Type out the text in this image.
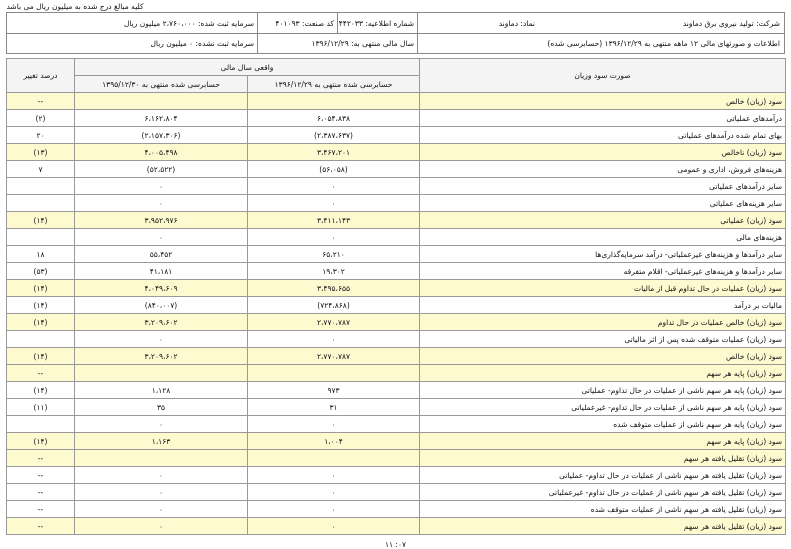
کلیه مبالغ درج شده به میلیون ریال می باشد
شرکت: تولید نیروی برق دماوند
نماد: دماوند
شماره اطلاعیه: ۴۴۲۰۳۳
کد صنعت: ۴۰۱۰۹۳
سرمایه ثبت شده: ۲،۷۶۰،۰۰۰ میلیون ریال
اطلاعات و صورتهای مالی ۱۲ ماهه منتهی به ۱۳۹۶/۱۲/۲۹ (حسابرسی شده)
سال مالی منتهی به: ۱۳۹۶/۱۲/۲۹
سرمایه ثبت نشده: ۰ میلیون ریال
صورت سود وزیان	واقعی سال مالی		درصد تغییر
	حسابرسی شده منتهی به ۱۳۹۶/۱۲/۲۹	حسابرسی شده منتهی به ۱۳۹۵/۱۲/۳۰	
سود (زیان) خالص			--
درآمدهای عملیاتی	۶،۰۵۴،۸۳۸	۶،۱۶۲،۸۰۴	(۲)
بهای تمام شده درآمدهای عملیاتی	(۲،۳۸۷،۶۳۷)	(۲،۱۵۷،۳۰۶)	۲۰
سود (زیان) ناخالص	۳،۴۶۷،۲۰۱	۴،۰۰۵،۴۹۸	(۱۳)
هزینه‌های فروش، اداری و عمومی	(۵۶،۰۵۸)	(۵۲،۵۲۲)	۷
سایر درآمدهای عملیاتی	۰	۰	
سایر هزینه‌های عملیاتی	۰	۰	
سود (زیان) عملیاتی	۳،۴۱۱،۱۴۳	۳،۹۵۲،۹۷۶	(۱۴)
هزینه‌های مالی	۰	۰	
سایر درآمدها و هزینه‌های غیرعملیاتی- درآمد سرمایه‌گذاری‌ها	۶۵،۲۱۰	۵۵،۴۵۲	۱۸
سایر درآمدها و هزینه‌های غیرعملیاتی- اقلام متفرقه	۱۹،۳۰۲	۴۱،۱۸۱	(۵۳)
سود (زیان) عملیات در حال تداوم قبل از مالیات	۳،۴۹۵،۶۵۵	۴،۰۴۹،۶۰۹	(۱۴)
مالیات بر درآمد	(۷۲۴،۸۶۸)	(۸۴۰،۰۰۷)	(۱۴)
سود (زیان) خالص عملیات در حال تداوم	۲،۷۷۰،۷۸۷	۳،۲۰۹،۶۰۲	(۱۴)
سود (زیان) عملیات متوقف شده پس از اثر مالیاتی	۰	۰	
سود (زیان) خالص	۲،۷۷۰،۷۸۷	۳،۲۰۹،۶۰۲	(۱۴)
سود (زیان) پایه هر سهم			--
سود (زیان) پایه هر سهم ناشی از عملیات در حال تداوم- عملیاتی	۹۷۳	۱،۱۲۸	(۱۴)
سود (زیان) پایه هر سهم ناشی از عملیات در حال تداوم- غیرعملیاتی	۳۱	۳۵	(۱۱)
سود (زیان) پایه هر سهم ناشی از عملیات متوقف شده	۰	۰	
سود (زیان) پایه هر سهم	۱،۰۰۴	۱،۱۶۳	(۱۴)
سود (زیان) تقلیل یافته هر سهم			--
سود (زیان) تقلیل یافته هر سهم ناشی از عملیات در حال تداوم- عملیاتی	۰	۰	--
سود (زیان) تقلیل یافته هر سهم ناشی از عملیات در حال تداوم- غیرعملیاتی	۰	۰	--
سود (زیان) تقلیل یافته هر سهم ناشی از عملیات متوقف شده	۰	۰	--
سود (زیان) تقلیل یافته هر سهم	۰	۰	--
۱۱ :۰۷
